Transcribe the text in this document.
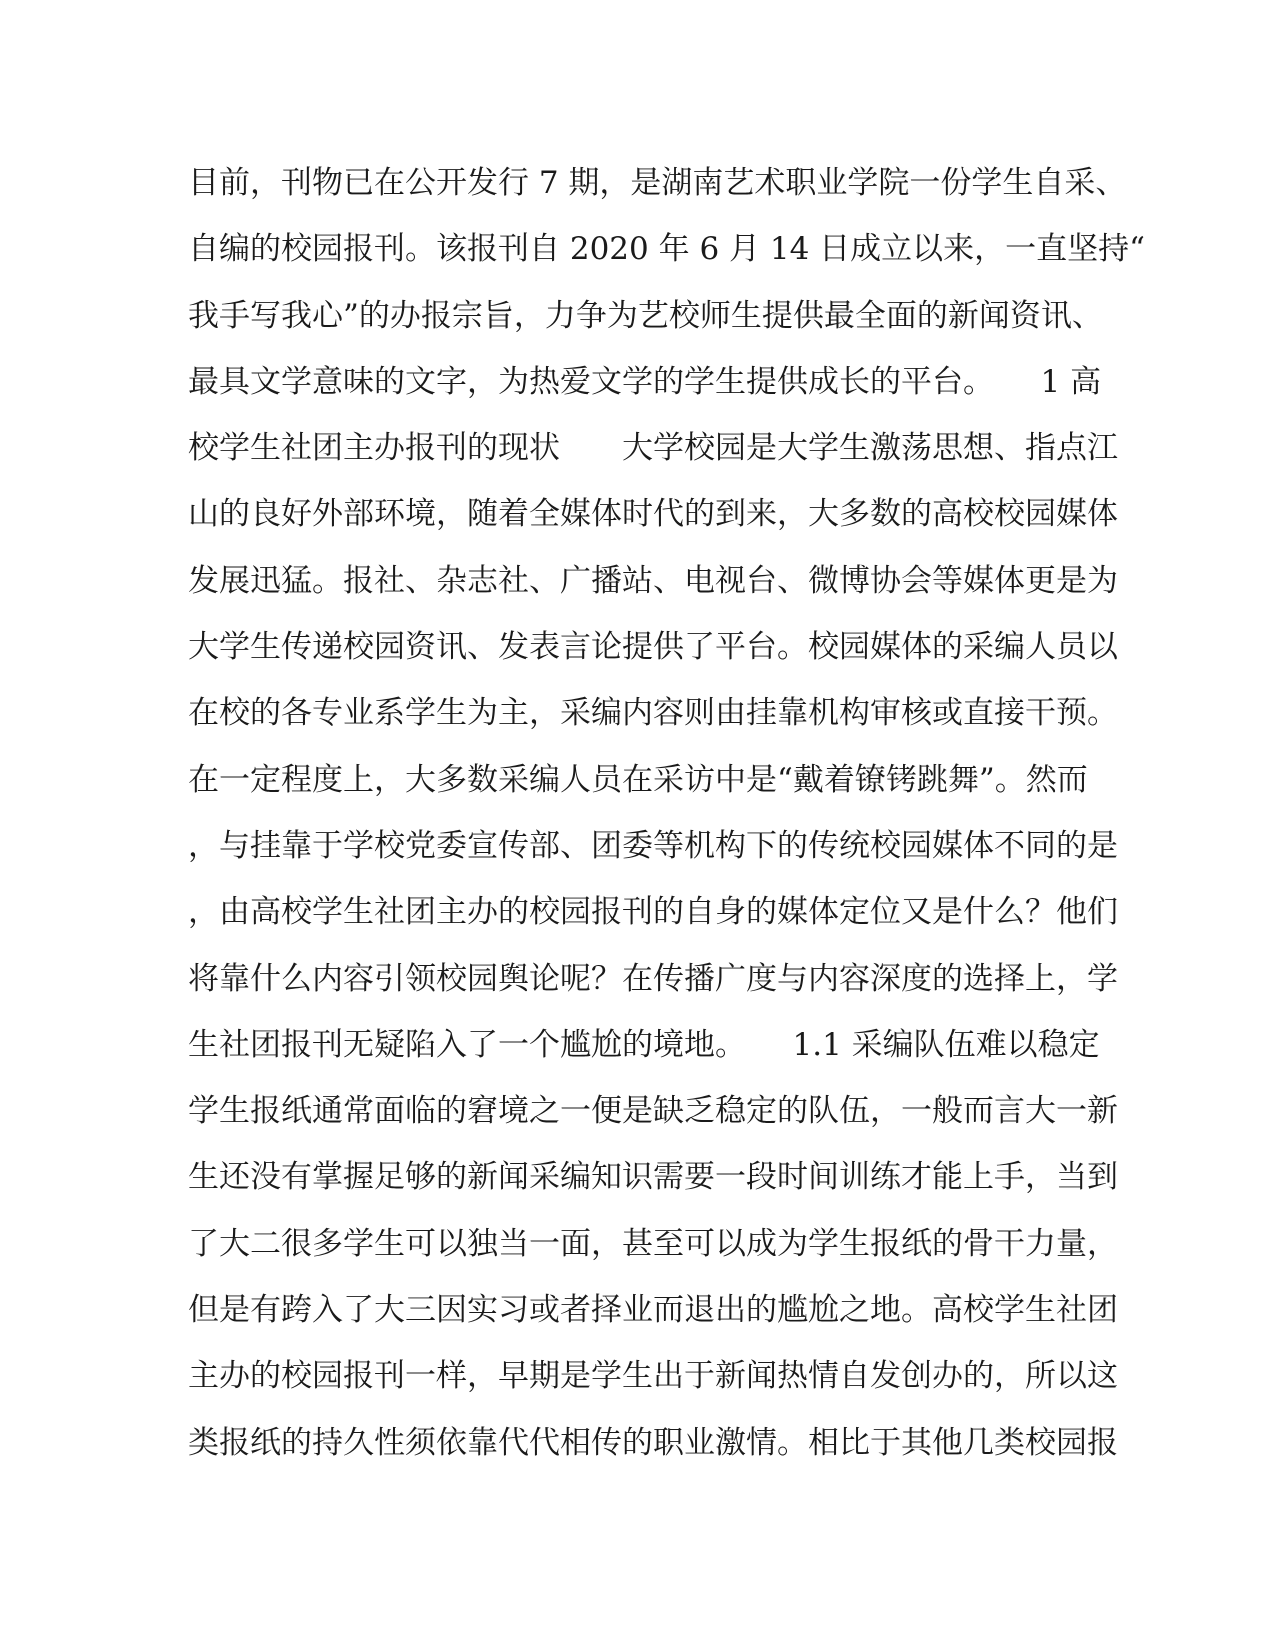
目前，刊物已在公开发行 7 期，是湖南艺术职业学院一份学生自采、
自编的校园报刊。该报刊自 2020 年 6 月 14 日成立以来，一直坚持“
我手写我心”的办报宗旨，力争为艺校师生提供最全面的新闻资讯、
最具文学意味的文字，为热爱文学的学生提供成长的平台。　　1 高
校学生社团主办报刊的现状　　大学校园是大学生激荡思想、指点江
山的良好外部环境，随着全媒体时代的到来，大多数的高校校园媒体
发展迅猛。报社、杂志社、广播站、电视台、微博协会等媒体更是为
大学生传递校园资讯、发表言论提供了平台。校园媒体的采编人员以
在校的各专业系学生为主，采编内容则由挂靠机构审核或直接干预。
在一定程度上，大多数采编人员在采访中是“戴着镣铐跳舞”。然而
，与挂靠于学校党委宣传部、团委等机构下的传统校园媒体不同的是
，由高校学生社团主办的校园报刊的自身的媒体定位又是什么？他们
将靠什么内容引领校园舆论呢？在传播广度与内容深度的选择上，学
生社团报刊无疑陷入了一个尴尬的境地。　　1.1 采编队伍难以稳定
学生报纸通常面临的窘境之一便是缺乏稳定的队伍，一般而言大一新
生还没有掌握足够的新闻采编知识需要一段时间训练才能上手，当到
了大二很多学生可以独当一面，甚至可以成为学生报纸的骨干力量，
但是有跨入了大三因实习或者择业而退出的尴尬之地。高校学生社团
主办的校园报刊一样，早期是学生出于新闻热情自发创办的，所以这
类报纸的持久性须依靠代代相传的职业激情。相比于其他几类校园报
